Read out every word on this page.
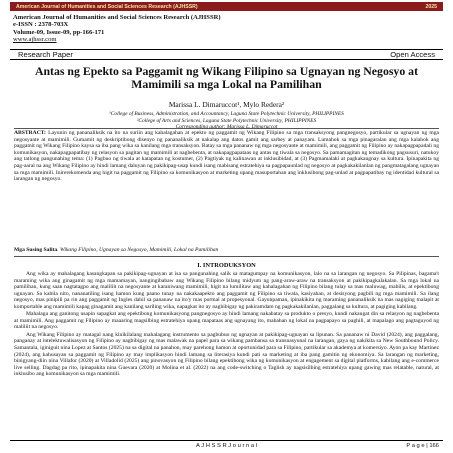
American Journal of Humanities and Social Sciences Research (AJHSSR)	2025
American Journal of Humanities and Social Sciences Research (AJHSSR)
e-ISSN : 2378-703X
Volume-09, Issue-09, pp-166-171
www.ajhssr.com
Research Paper	Open Access
Antas ng Epekto sa Paggamit ng Wikang Filipino sa Ugnayan ng Negosyo at Mamimili sa mga Lokal na Pamilihan
Marissa L. Dimaruccot¹, Mylo Redera²
¹College of Business, Administration, and Accountancy, Laguna State Polytechnic University, PHILIPPINES
²College of Arts and Sciences, Laguna State Polytechnic University, PHILIPPINES
Corresponding author: Marissa L. Dimaruccot
ABSTRACT: Layunin ng pananaliksik na ito na suriin ang kahalagahan at epekto ng paggamit ng Wikang Filipino sa mga transaksyong pangnegosyo, partikular sa ugnayan ng mga negosyante at mamimili. Gumamit ng deskriptibong disenyo ng pananaliksik at nakalap ang datos gamit ang sarbey at panayam. Lumahok sa mga pinagaralan ang mga kalahok ang paggamit ng Wikang Filipino kaysa sa iba pang wika sa kanilang mga transaksyon. Batay sa mga pananaw ng mga negosyante at mamimili, ang paggamit ng Filipino ay nakapagpapadali ng komunikasyon, nakapagpapatibay ng relasyon sa pagitan ng mamimili at nagbebenta, at nakapagpapataas ng antas ng tiwala sa negosyo. Sa pamamagitan ng temadikong pagsusuri, natukoy ang tatlong pangunahing tema: (1) Pagbuo ng tiwala at katapatan ng kostumer, (2) Pagtiyak ng kalinawan at inklusibidad, at (3) Pagmamalaki at pagkakaugnay sa kultura. Ipinapakita ng pag-aaral na ang Wikang Filipino ay hindi lamang daluyan ng pakikipag-usap kundi isang mabisang estratehiya sa pagpapaunlad ng negosyo at pagkakakilanlan ng pangmatagalang ugnayan sa mga mamimili. Inirerekomenda ang higit na paggamit ng Filipino sa komunikasyon at marketing upang masuportahan ang inklusibong pag-unlad at pagpapatibay ng identidad kultural sa larangan ng negosyo.
Mga Susing Salita. Wikang Filipino, Ugnayan sa Negosyo, Mamimili, Lokal na Pamilihan
I. INTRODUKSYON

Ang wika ay mahalagang kasangkapan sa pakikipag-ugnayan at isa sa pangunahing salik sa matagumpay na komunikasyon, lalo na sa larangan ng negosyo. Sa Pilipinas, bagama't maraming wika ang ginagamit ng mga mamamayan, nangingibabaw ang Wikang Filipino bilang midyum ng pang-araw-araw na transaksyon at pakikipagkalakalan. Sa mga lokal na pamilihan, kung saan nagtatagpo ang maliliit na negosyante at karaniwang mamimili, higit na lumilitaw ang kahalagahan ng Filipino bilang tulay sa mas maluwag, mabilis, at epektibong ugnayan. Sa kabila nito, nananatiling isang hamon kung paano tunay na nakakaapekto ang paggamit ng Filipino sa tiwala, kasiyahan, at desisyong pagbili ng mga mamimili. Sa ilang negosyo, mas pinipili pa rin ang paggamit ng Ingles dahil sa pananaw na ito'y mas pormal at propesyonal. Gayunpaman, ipinakikita ng maraming pananaliksik na mas nagiging malapit at komportable ang mamimili kapag ginagamit ang kanilang sariling wika, napagkat ito ay nagbibigay ng pakiramdam ng pagkakakilanlan, paggalang sa kultura, at pagiging kabilang.

Mahalaga ang ganitong usapin sapagkat ang epektibong komunikasyong pangnegosyo ay hindi lamang nakabatay sa produkto o presyo, kundi nakaugat din sa relasyon ng nagbebenta at mamimili. Ang paggamit ng Filipino ay maaaring magsilbing estratehiya upang mapataas ang ugnayang ito, mabahan ng lokal na pagpapayo sa paghili, at mapalago ang pagtaguyod ng maliliit na negosyo.

Ang Wikang Filipino ay matagal nang kinikilalang mahalagang instrumento sa pagbubuo ng ugnayan at pakikipag-ugnayan sa lipunan. Sa pananaw ni David (2024), ang paggalang, panganay at intelektuwalisasyon ng Filipino ay nagbibigay ng mas malawak na papel para sa wikang pambansa sa transnasyunal na larangan, gaya ng nakikita sa New Southbound Policy. Samantala, iginiguit nina Lopez at Santos (2025) na sa digital na panahon, may parehong hamon at oportunidad para sa Filipino, partikular sa akademya at komersiyo. Ayon pa kay Martinez (2024), ang kahusayan sa paggamit ng Filipino ay may implikasyon hindi lamang sa literasiya kundi pati sa marketing at iba pang gamitin ng ekonomiya. Sa larangan ng marketing, binigyang-diin nina Villafor (2020) at Villadolid (2025) ang pinovasyon ng Filipino bilang epektibong wika ng komunikasyon at engagement sa digital platforms, kabilang ang e-commerce live selling. Dagdag pa rito, ipinapakita nina Guevara (2020) at Molina et al. (2022) na ang code-switching o Taglish ay nagsisilbing estratehiya upang gawing mas relatable, natural, at inklusibo ang komunikasyon sa mga mamimili.

A J H S S R J o u r n a l	P a g e | 166
